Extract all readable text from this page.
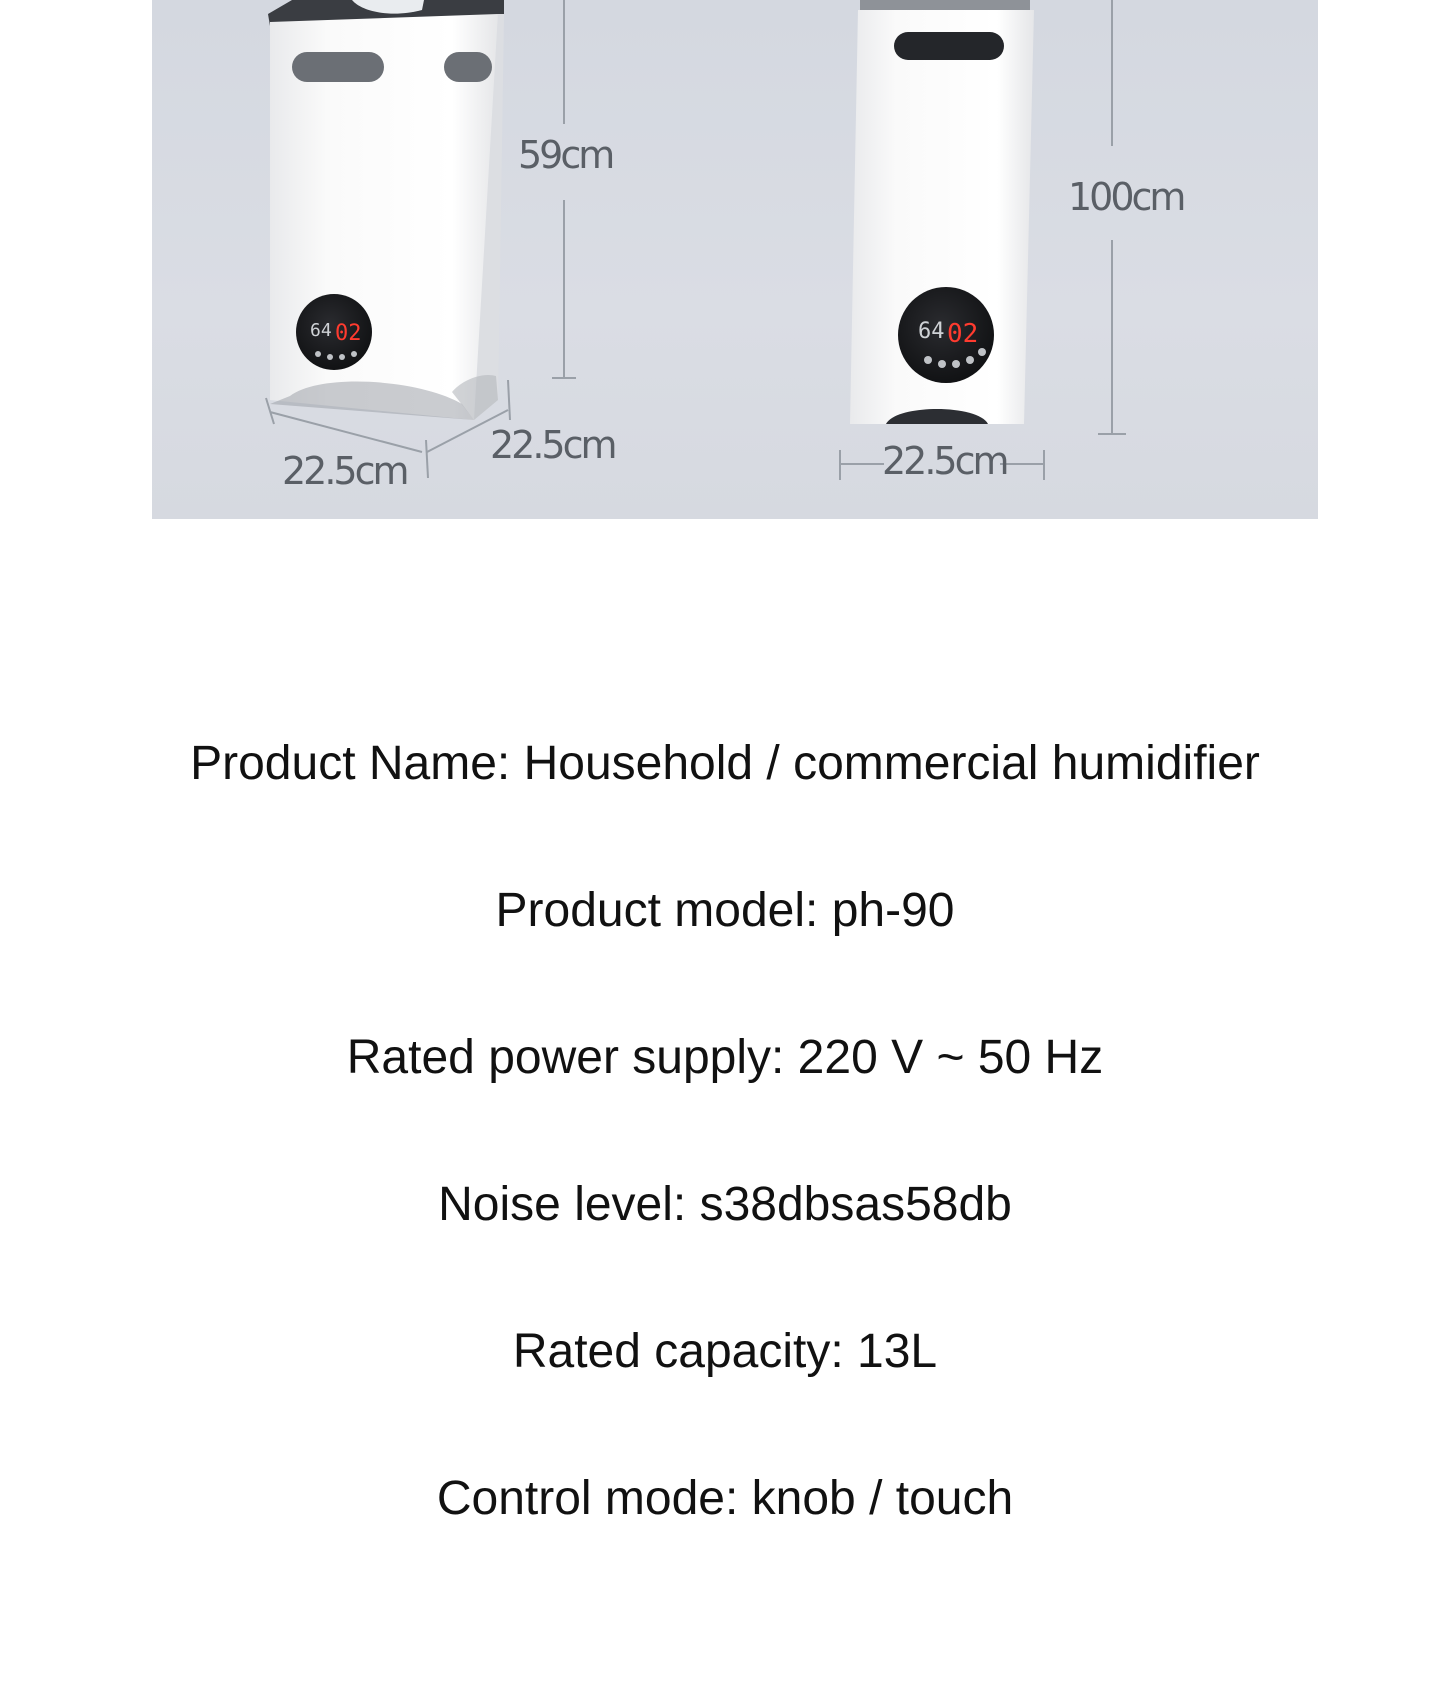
64 02	64 02
59cm
100cm
22.5cm
22.5cm	22.5cm
Product Name: Household / commercial humidifier
Product model: ph-90
Rated power supply: 220 V ~ 50 Hz
Noise level: s38dbsas58db
Rated capacity: 13L
Control mode: knob / touch
